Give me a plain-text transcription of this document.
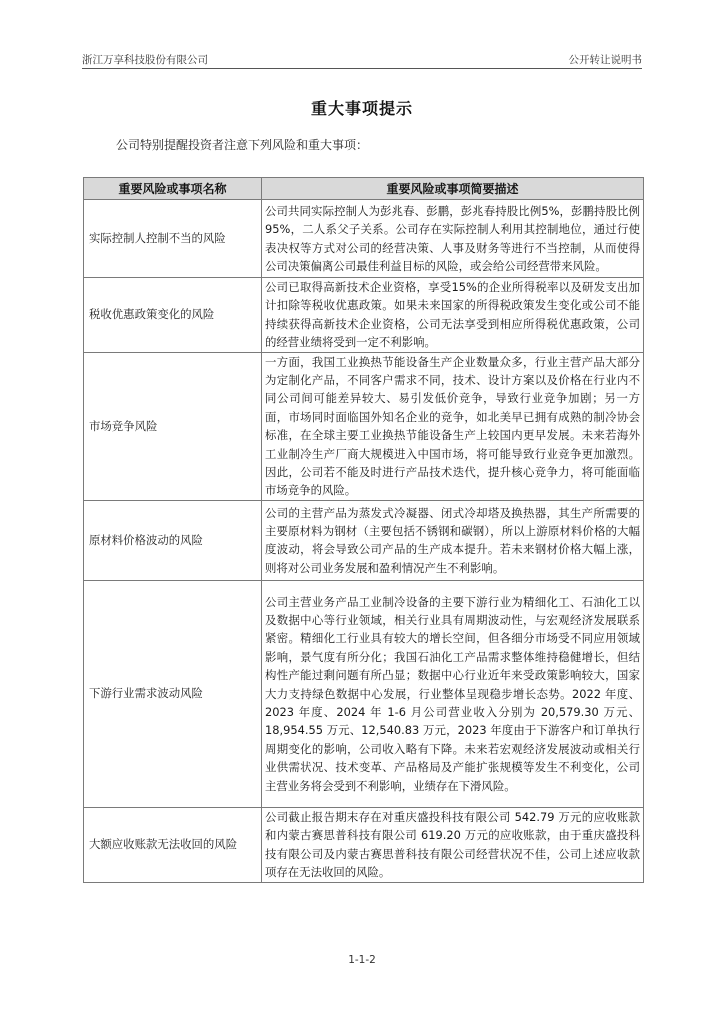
浙江万享科技股份有限公司	公开转让说明书
重大事项提示
公司特别提醒投资者注意下列风险和重大事项：
重要风险或事项名称	重要风险或事项简要描述
实际控制人控制不当的风险	公司共同实际控制人为彭兆春、彭鹏，彭兆春持股比例5%，彭鹏持股比例95%，二人系父子关系。公司存在实际控制人利用其控制地位，通过行使表决权等方式对公司的经营决策、人事及财务等进行不当控制，从而使得公司决策偏离公司最佳利益目标的风险，或会给公司经营带来风险。
税收优惠政策变化的风险	公司已取得高新技术企业资格，享受15%的企业所得税率以及研发支出加计扣除等税收优惠政策。如果未来国家的所得税政策发生变化或公司不能持续获得高新技术企业资格，公司无法享受到相应所得税优惠政策，公司的经营业绩将受到一定不利影响。
市场竞争风险	一方面，我国工业换热节能设备生产企业数量众多，行业主营产品大部分为定制化产品，不同客户需求不同，技术、设计方案以及价格在行业内不同公司间可能差异较大、易引发低价竞争，导致行业竞争加剧；另一方面，市场同时面临国外知名企业的竞争，如北美早已拥有成熟的制冷协会标准，在全球主要工业换热节能设备生产上较国内更早发展。未来若海外工业制冷生产厂商大规模进入中国市场，将可能导致行业竞争更加激烈。因此，公司若不能及时进行产品技术迭代，提升核心竞争力，将可能面临市场竞争的风险。
原材料价格波动的风险	公司的主营产品为蒸发式冷凝器、闭式冷却塔及换热器，其生产所需要的主要原材料为钢材（主要包括不锈钢和碳钢），所以上游原材料价格的大幅度波动，将会导致公司产品的生产成本提升。若未来钢材价格大幅上涨，则将对公司业务发展和盈利情况产生不利影响。
下游行业需求波动风险	公司主营业务产品工业制冷设备的主要下游行业为精细化工、石油化工以及数据中心等行业领域，相关行业具有周期波动性，与宏观经济发展联系紧密。精细化工行业具有较大的增长空间，但各细分市场受不同应用领域影响，景气度有所分化；我国石油化工产品需求整体维持稳健增长，但结构性产能过剩问题有所凸显；数据中心行业近年来受政策影响较大，国家大力支持绿色数据中心发展，行业整体呈现稳步增长态势。2022 年度、2023 年度、2024 年 1-6 月公司营业收入分别为 20,579.30 万元、18,954.55 万元、12,540.83 万元，2023 年度由于下游客户和订单执行周期变化的影响，公司收入略有下降。未来若宏观经济发展波动或相关行业供需状况、技术变革、产品格局及产能扩张规模等发生不利变化，公司主营业务将会受到不利影响，业绩存在下滑风险。
大额应收账款无法收回的风险	公司截止报告期末存在对重庆盛投科技有限公司 542.79 万元的应收账款和内蒙古赛思普科技有限公司 619.20 万元的应收账款，由于重庆盛投科技有限公司及内蒙古赛思普科技有限公司经营状况不佳，公司上述应收款项存在无法收回的风险。
1-1-2
